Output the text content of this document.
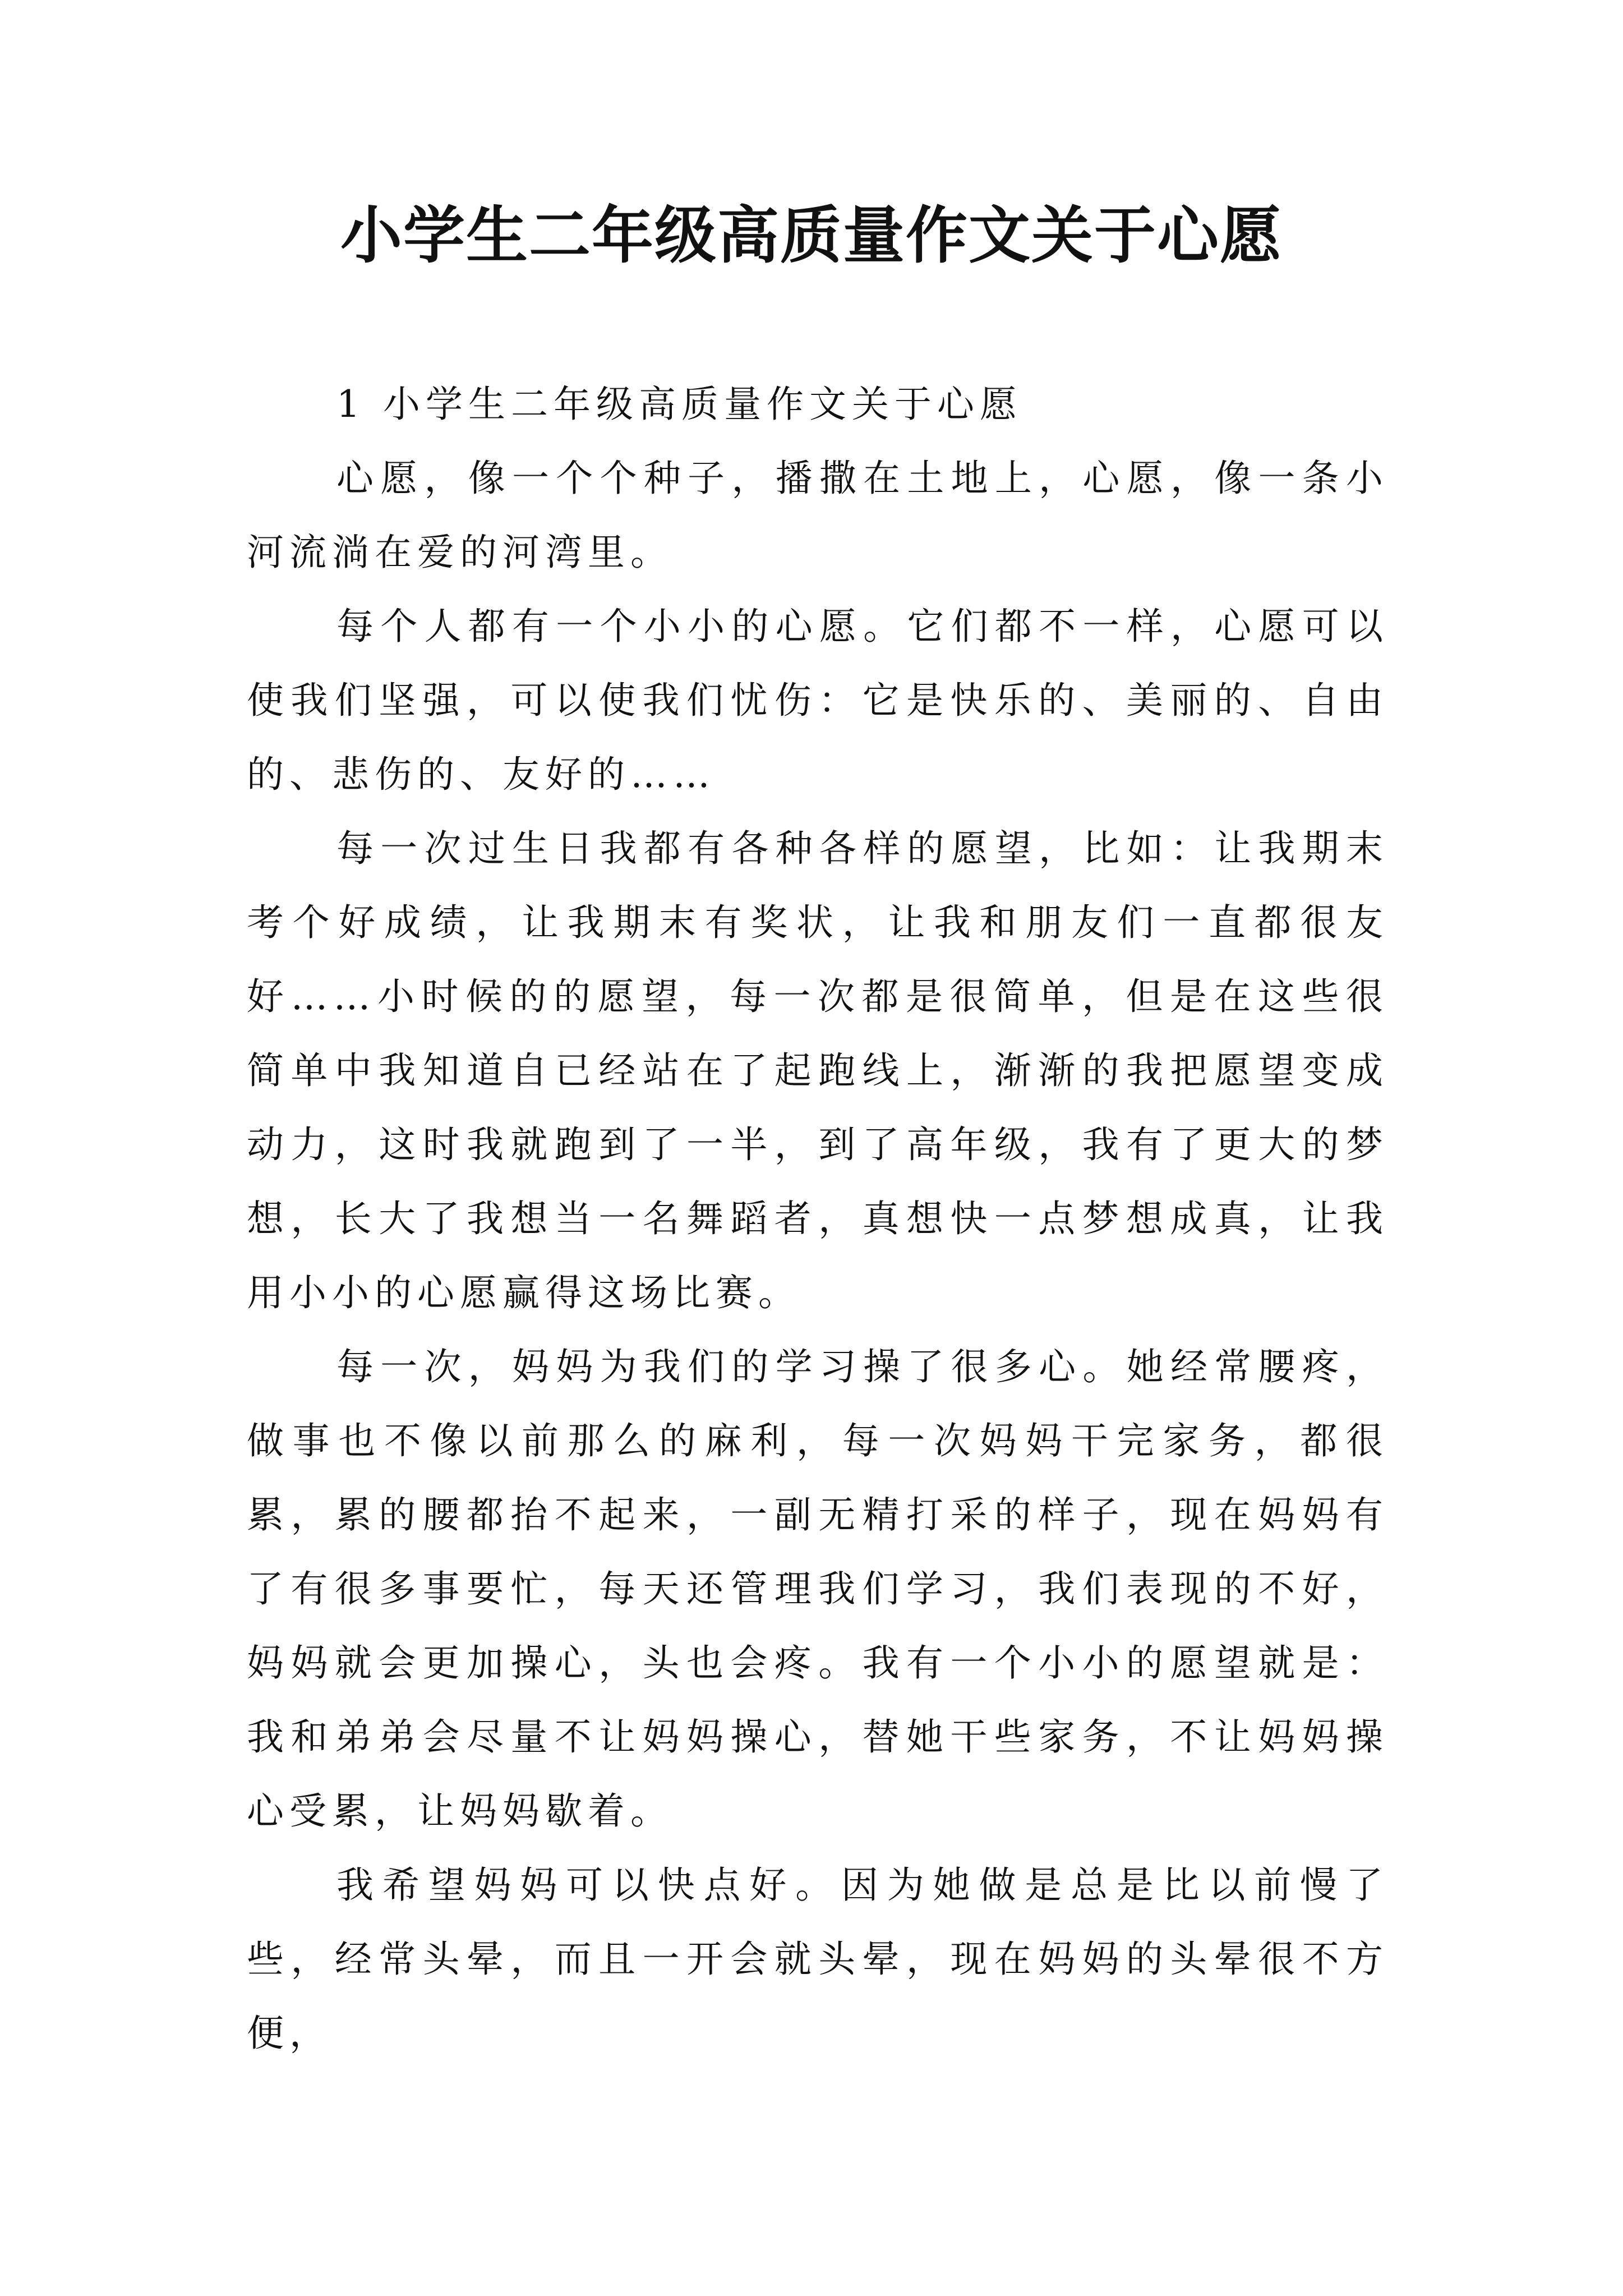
小学生二年级高质量作文关于心愿

1 小学生二年级高质量作文关于心愿

心愿，像一个个种子，播撒在土地上，心愿，像一条小河流淌在爱的河湾里。

每个人都有一个小小的心愿。它们都不一样，心愿可以使我们坚强，可以使我们忧伤：它是快乐的、美丽的、自由的、悲伤的、友好的……

每一次过生日我都有各种各样的愿望，比如：让我期末考个好成绩，让我期末有奖状，让我和朋友们一直都很友好……小时候的的愿望，每一次都是很简单，但是在这些很简单中我知道自已经站在了起跑线上，渐渐的我把愿望变成动力，这时我就跑到了一半，到了高年级，我有了更大的梦想，长大了我想当一名舞蹈者，真想快一点梦想成真，让我用小小的心愿赢得这场比赛。

每一次，妈妈为我们的学习操了很多心。她经常腰疼，做事也不像以前那么的麻利，每一次妈妈干完家务，都很累，累的腰都抬不起来，一副无精打采的样子，现在妈妈有了有很多事要忙，每天还管理我们学习，我们表现的不好，妈妈就会更加操心，头也会疼。我有一个小小的愿望就是：我和弟弟会尽量不让妈妈操心，替她干些家务，不让妈妈操心受累，让妈妈歇着。

我希望妈妈可以快点好。因为她做是总是比以前慢了些，经常头晕，而且一开会就头晕，现在妈妈的头晕很不方便，
